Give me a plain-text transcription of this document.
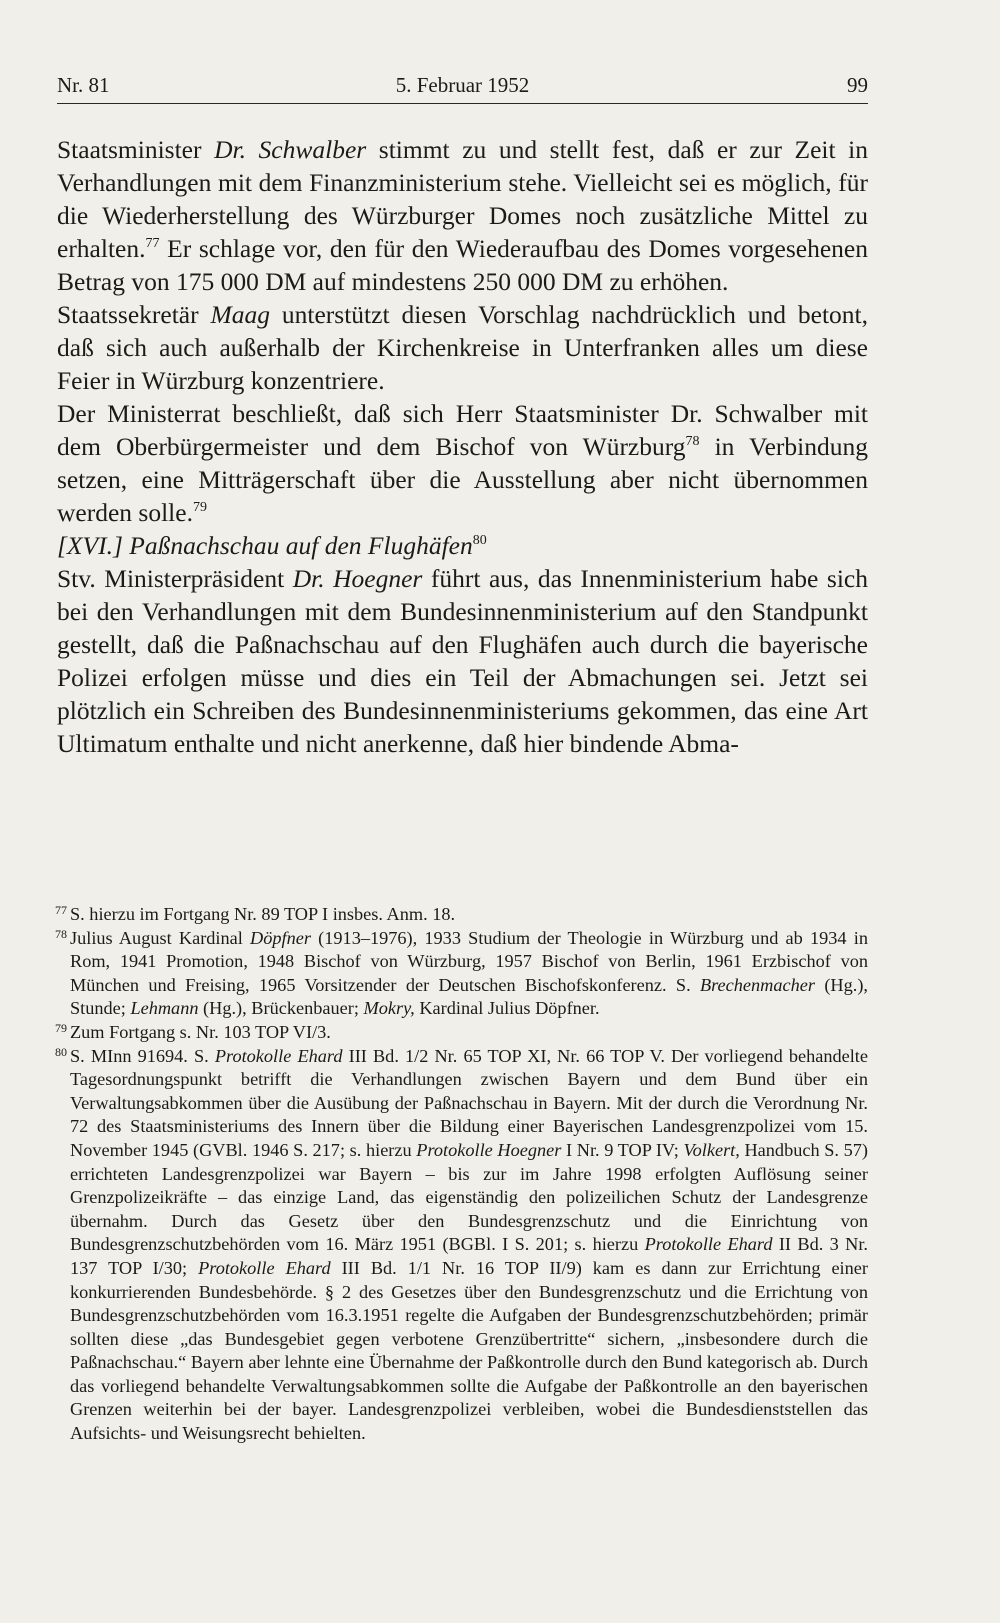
Nr. 81	5. Februar 1952	99

Staatsminister Dr. Schwalber stimmt zu und stellt fest, daß er zur Zeit in Verhandlungen mit dem Finanzministerium stehe. Vielleicht sei es möglich, für die Wiederherstellung des Würzburger Domes noch zusätzliche Mittel zu erhalten.$^{77}$ Er schlage vor, den für den Wiederaufbau des Domes vorgesehenen Betrag von 175 000 DM auf mindestens 250 000 DM zu erhöhen.

Staatssekretär Maag unterstützt diesen Vorschlag nachdrücklich und betont, daß sich auch außerhalb der Kirchenkreise in Unterfranken alles um diese Feier in Würzburg konzentriere.

Der Ministerrat beschließt, daß sich Herr Staatsminister Dr. Schwalber mit dem Oberbürgermeister und dem Bischof von Würzburg$^{78}$ in Verbindung setzen, eine Mitträgerschaft über die Ausstellung aber nicht übernommen werden solle.$^{79}$

[XVI.] Paßnachschau auf den Flughäfen$^{80}$

Stv. Ministerpräsident Dr. Hoegner führt aus, das Innenministerium habe sich bei den Verhandlungen mit dem Bundesinnenministerium auf den Standpunkt gestellt, daß die Paßnachschau auf den Flughäfen auch durch die bayerische Polizei erfolgen müsse und dies ein Teil der Abmachungen sei. Jetzt sei plötzlich ein Schreiben des Bundesinnenministeriums gekommen, das eine Art Ultimatum enthalte und nicht anerkenne, daß hier bindende Abma-

77 S. hierzu im Fortgang Nr. 89 TOP I insbes. Anm. 18.

78 Julius August Kardinal Döpfner (1913–1976), 1933 Studium der Theologie in Würzburg und ab 1934 in Rom, 1941 Promotion, 1948 Bischof von Würzburg, 1957 Bischof von Berlin, 1961 Erzbischof von München und Freising, 1965 Vorsitzender der Deutschen Bischofskonferenz. S. Brechenmacher (Hg.), Stunde; Lehmann (Hg.), Brückenbauer; Mokry, Kardinal Julius Döpfner.

79 Zum Fortgang s. Nr. 103 TOP VI/3.

80 S. MInn 91694. S. Protokolle Ehard III Bd. 1/2 Nr. 65 TOP XI, Nr. 66 TOP V. Der vorliegend behandelte Tagesordnungspunkt betrifft die Verhandlungen zwischen Bayern und dem Bund über ein Verwaltungsabkommen über die Ausübung der Paßnachschau in Bayern. Mit der durch die Verordnung Nr. 72 des Staatsministeriums des Innern über die Bildung einer Bayerischen Landesgrenzpolizei vom 15. November 1945 (GVBl. 1946 S. 217; s. hierzu Protokolle Hoegner I Nr. 9 TOP IV; Volkert, Handbuch S. 57) errichteten Landesgrenzpolizei war Bayern – bis zur im Jahre 1998 erfolgten Auflösung seiner Grenzpolizeikräfte – das einzige Land, das eigenständig den polizeilichen Schutz der Landesgrenze übernahm. Durch das Gesetz über den Bundesgrenzschutz und die Einrichtung von Bundesgrenzschutzbehörden vom 16. März 1951 (BGBl. I S. 201; s. hierzu Protokolle Ehard II Bd. 3 Nr. 137 TOP I/30; Protokolle Ehard III Bd. 1/1 Nr. 16 TOP II/9) kam es dann zur Errichtung einer konkurrierenden Bundesbehörde. § 2 des Gesetzes über den Bundesgrenzschutz und die Errichtung von Bundesgrenzschutzbehörden vom 16.3.1951 regelte die Aufgaben der Bundesgrenzschutzbehörden; primär sollten diese „das Bundesgebiet gegen verbotene Grenzübertritte“ sichern, „insbesondere durch die Paßnachschau.“ Bayern aber lehnte eine Übernahme der Paßkontrolle durch den Bund kategorisch ab. Durch das vorliegend behandelte Verwaltungsabkommen sollte die Aufgabe der Paßkontrolle an den bayerischen Grenzen weiterhin bei der bayer. Landesgrenzpolizei verbleiben, wobei die Bundesdienststellen das Aufsichts- und Weisungsrecht behielten.
